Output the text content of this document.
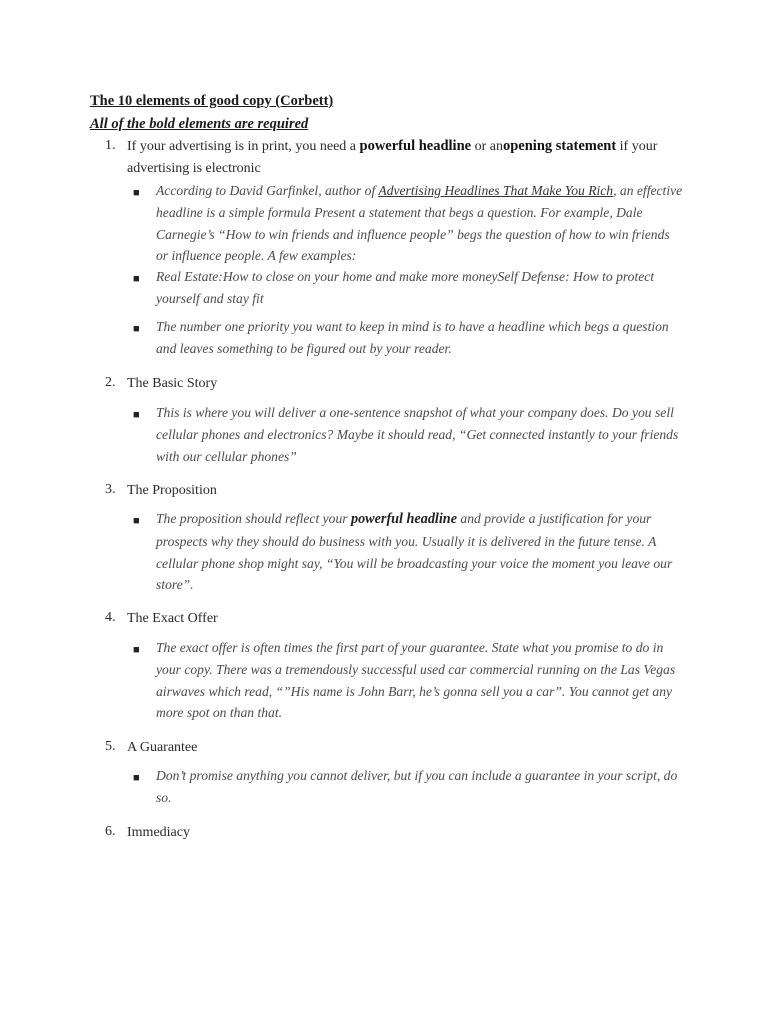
The 10 elements of good copy (Corbett)
All of the bold elements are required
1. If your advertising is in print, you need a powerful headline or anopening statement if your advertising is electronic
■ According to David Garfinkel, author of Advertising Headlines That Make You Rich, an effective headline is a simple formula Present a statement that begs a question. For example, Dale Carnegie’s “How to win friends and influence people” begs the question of how to win friends or influence people. A few examples:
■ Real Estate:How to close on your home and make more moneySelf Defense: How to protect yourself and stay fit
■ The number one priority you want to keep in mind is to have a headline which begs a question and leaves something to be figured out by your reader.
2. The Basic Story
■ This is where you will deliver a one-sentence snapshot of what your company does. Do you sell cellular phones and electronics? Maybe it should read, “Get connected instantly to your friends with our cellular phones”
3. The Proposition
■ The proposition should reflect your powerful headline and provide a justification for your prospects why they should do business with you. Usually it is delivered in the future tense. A cellular phone shop might say, “You will be broadcasting your voice the moment you leave our store”.
4. The Exact Offer
■ The exact offer is often times the first part of your guarantee. State what you promise to do in your copy. There was a tremendously successful used car commercial running on the Las Vegas airwaves which read, “”His name is John Barr, he’s gonna sell you a car”. You cannot get any more spot on than that.
5. A Guarantee
■ Don’t promise anything you cannot deliver, but if you can include a guarantee in your script, do so.
6. Immediacy
